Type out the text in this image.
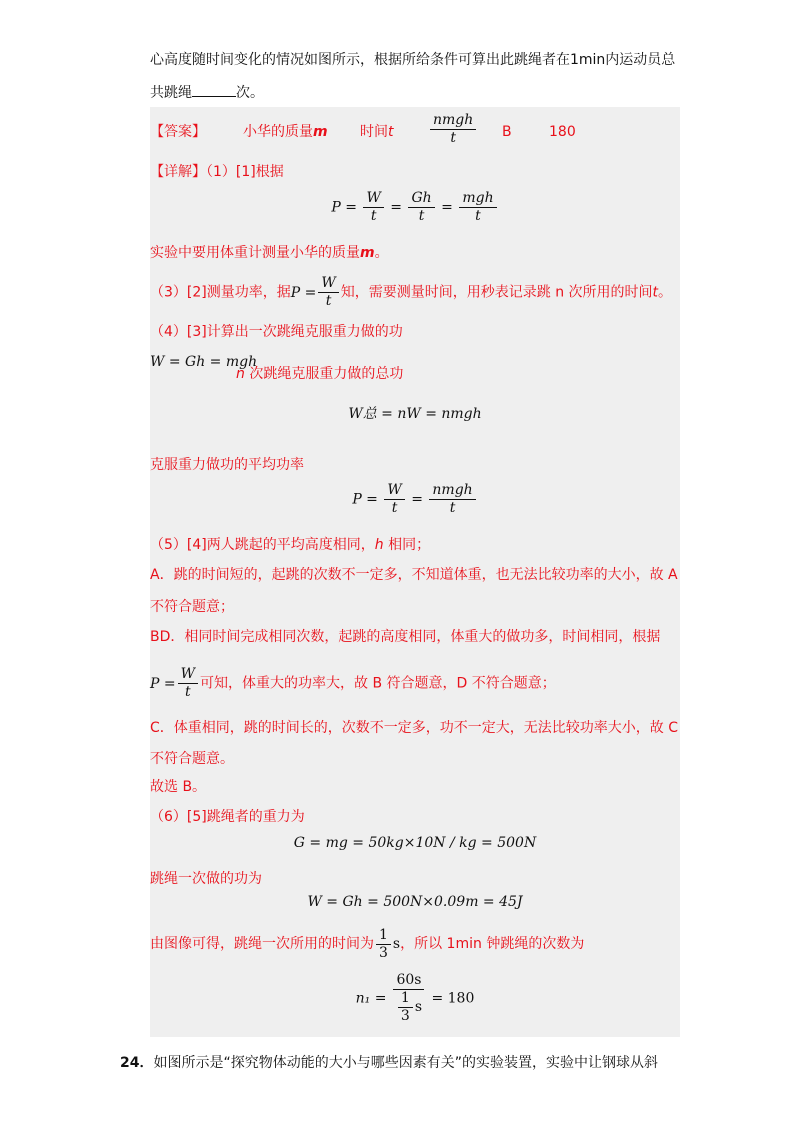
心高度随时间变化的情况如图所示，根据所给条件可算出此跳绳者在1min内运动员总
共跳绳	次。
【答案】	小华的质量m 时间t	$\frac{\text{nmgh}}{t}$ B	180
【详解】（1）[1]根据
$P = \frac{W}{t} = \frac{Gh}{t} = \frac{\text{mgh}}{t}$
实验中要用体重计测量小华的质量m。
（3）[2]测量功率，据$P = \frac{W}{t}$ 知，需要测量时间，用秒表记录跳 n 次所用的时间t。
（4）[3]计算出一次跳绳克服重力做的功
W = Gh = mgh
n 次跳绳克服重力做的总功
W总 = nW = nmgh
克服重力做功的平均功率
$P = \frac{W}{t} = \frac{\text{nmgh}}{t}$
（5）[4]两人跳起的平均高度相同，h 相同；
A．跳的时间短的，起跳的次数不一定多，不知道体重，也无法比较功率的大小，故 A
不符合题意；
BD．相同时间完成相同次数，起跳的高度相同，体重大的做功多，时间相同，根据
$P = \frac{W}{t}$ 可知，体重大的功率大，故 B 符合题意，D 不符合题意；
C．体重相同，跳的时间长的，次数不一定多，功不一定大，无法比较功率大小，故 C
不符合题意。
故选 B。
（6）[5]跳绳者的重力为
G = mg = 50kg×10N / kg = 500N
跳绳一次做的功为
W = Gh = 500N×0.09m = 45J
由图像可得，跳绳一次所用的时间为 $\frac{1}{3}$ s，所以 1min 钟跳绳的次数为
$n_1 = \frac{60s}{\frac{1}{3} s} = 180$
24．如图所示是“探究物体动能的大小与哪些因素有关”的实验装置，实验中让钢球从斜
